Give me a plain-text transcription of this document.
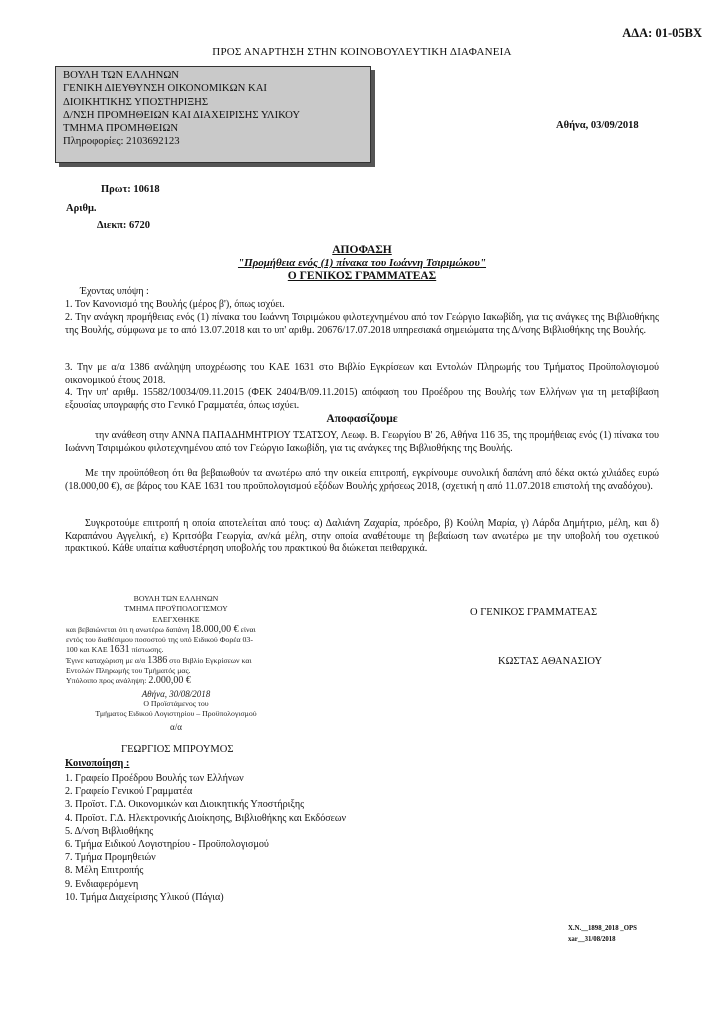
ΑΔΑ: 01-05ΒΧ
ΠΡΟΣ ΑΝΑΡΤΗΣΗ ΣΤΗΝ ΚΟΙΝΟΒΟΥΛΕΥΤΙΚΗ ΔΙΑΦΑΝΕΙΑ
ΒΟΥΛΗ ΤΩΝ ΕΛΛΗΝΩΝ
ΓΕΝΙΚΗ ΔΙΕΥΘΥΝΣΗ ΟΙΚΟΝΟΜΙΚΩΝ ΚΑΙ
ΔΙΟΙΚΗΤΙΚΗΣ ΥΠΟΣΤΗΡΙΞΗΣ
Δ/ΝΣΗ ΠΡΟΜΗΘΕΙΩΝ ΚΑΙ ΔΙΑΧΕΙΡΙΣΗΣ ΥΛΙΚΟΥ
ΤΜΗΜΑ ΠΡΟΜΗΘΕΙΩΝ
Πληροφορίες: 2103692123
Αθήνα, 03/09/2018
Πρωτ: 10618
Αριθμ.
Διεκπ: 6720
ΑΠΟΦΑΣΗ
"Προμήθεια ενός (1) πίνακα του Ιωάννη Τσιριμώκου"
Ο ΓΕΝΙΚΟΣ ΓΡΑΜΜΑΤΕΑΣ
Έχοντας υπόψη :
1. Τον Κανονισμό της Βουλής (μέρος β'), όπως ισχύει.
2. Την ανάγκη προμήθειας ενός (1) πίνακα του Ιωάννη Τσιριμώκου φιλοτεχνημένου από τον Γεώργιο Ιακωβίδη, για τις ανάγκες της Βιβλιοθήκης της Βουλής, σύμφωνα με το από 13.07.2018 και το υπ' αριθμ. 20676/17.07.2018 υπηρεσιακά σημειώματα της Δ/νσης Βιβλιοθήκης της Βουλής.
3. Την με α/α 1386 ανάληψη υποχρέωσης του ΚΑΕ 1631 στο Βιβλίο Εγκρίσεων και Εντολών Πληρωμής του Τμήματος Προϋπολογισμού οικονομικού έτους 2018.
4. Την υπ' αριθμ. 15582/10034/09.11.2015 (ΦΕΚ 2404/Β/09.11.2015) απόφαση του Προέδρου της Βουλής των Ελλήνων για τη μεταβίβαση εξουσίας υπογραφής στο Γενικό Γραμματέα, όπως ισχύει.
Αποφασίζουμε
την ανάθεση στην ΑΝΝΑ ΠΑΠΑΔΗΜΗΤΡΙΟΥ ΤΣΑΤΣΟΥ, Λεωφ. Β. Γεωργίου Β' 26, Αθήνα 116 35, της προμήθειας ενός (1) πίνακα του Ιωάννη Τσιριμώκου φιλοτεχνημένου από τον Γεώργιο Ιακωβίδη, για τις ανάγκες της Βιβλιοθήκης της Βουλής.
Με την προϋπόθεση ότι θα βεβαιωθούν τα ανωτέρω από την οικεία επιτροπή, εγκρίνουμε συνολική δαπάνη από δέκα οκτώ χιλιάδες ευρώ (18.000,00 €), σε βάρος του ΚΑΕ 1631 του προϋπολογισμού εξόδων Βουλής χρήσεως 2018, (σχετική η από 11.07.2018 επιστολή της αναδόχου).
Συγκροτούμε επιτροπή η οποία αποτελείται από τους: α) Δαλιάνη Ζαχαρία, πρόεδρο, β) Κούλη Μαρία, γ) Λάρδα Δημήτριο, μέλη, και δ) Καραπάνου Αγγελική, ε) Κριτσόβα Γεωργία, αν/κά μέλη, στην οποία αναθέτουμε τη βεβαίωση των ανωτέρω με την υποβολή του σχετικού πρακτικού. Κάθε υπαίτια καθυστέρηση υποβολής του πρακτικού θα διώκεται πειθαρχικά.
ΒΟΥΛΗ ΤΩΝ ΕΛΛΗΝΩΝ
ΤΜΗΜΑ ΠΡΟΫΠΟΛΟΓΙΣΜΟΥ
ΕΛΕΓΧΘΗΚΕ
και βεβαιώνεται ότι η ανωτέρω δαπάνη 18.000,00 € είναι
εντός του διαθέσιμου ποσοστού της υπό Ειδικού Φορέα 03-
100 και ΚΑΕ 1631 πίστωσης.
Έγινε καταχώριση με α/α 1386 στο Βιβλίο Εγκρίσεων και
Εντολών Πληρωμής του Τμήματός μας.
Υπόλοιπο προς ανάληψη: 2.000,00 €
Αθήνα, 30/08/2018
Ο Προϊστάμενος του
Τμήματος Ειδικού Λογιστηρίου – Προϋπολογισμού
α/α
Ο ΓΕΝΙΚΟΣ ΓΡΑΜΜΑΤΕΑΣ
ΚΩΣΤΑΣ ΑΘΑΝΑΣΙΟΥ
ΓΕΩΡΓΙΟΣ ΜΠΡΟΥΜΟΣ
Κοινοποίηση :
1. Γραφείο Προέδρου Βουλής των Ελλήνων
2. Γραφείο Γενικού Γραμματέα
3. Προϊστ. Γ.Δ. Οικονομικών και Διοικητικής Υποστήριξης
4. Προϊστ. Γ.Δ. Ηλεκτρονικής Διοίκησης, Βιβλιοθήκης και Εκδόσεων
5. Δ/νση Βιβλιοθήκης
6. Τμήμα Ειδικού Λογιστηρίου - Προϋπολογισμού
7. Τμήμα Προμηθειών
8. Μέλη Επιτροπής
9. Ενδιαφερόμενη
10. Τμήμα Διαχείρισης Υλικού (Πάγια)
Χ.Ν.__1898_2018 _OPS
xar__31/08/2018
